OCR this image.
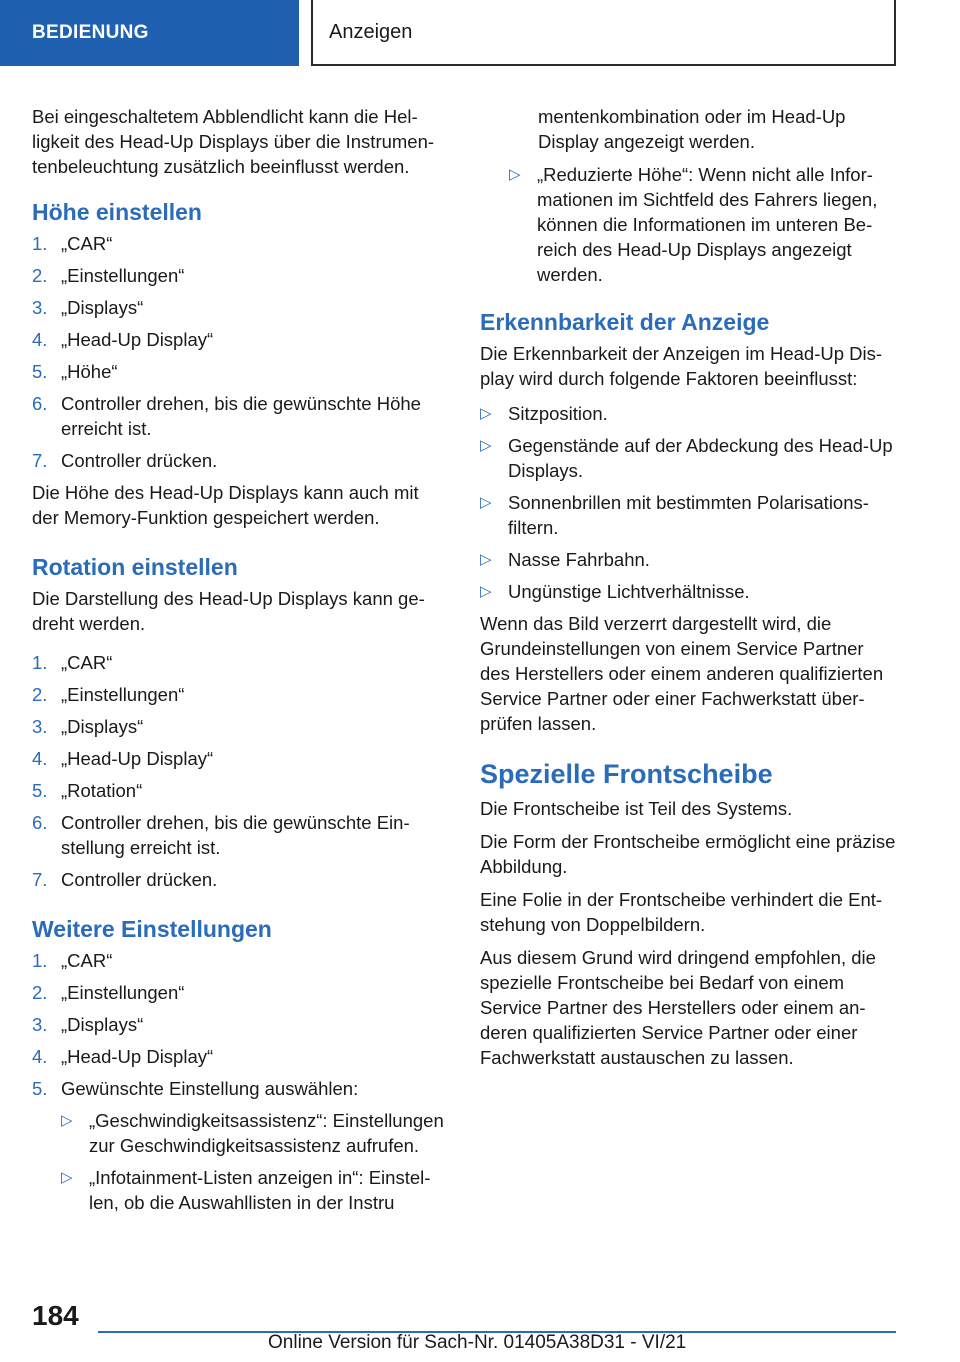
BEDIENUNG	Anzeigen

Bei eingeschaltetem Abblendlicht kann die Helligkeit des Head-Up Displays über die Instrumentenbeleuchtung zusätzlich beeinflusst werden.

Höhe einstellen
1. „CAR“
2. „Einstellungen“
3. „Displays“
4. „Head-Up Display“
5. „Höhe“
6. Controller drehen, bis die gewünschte Höhe erreicht ist.
7. Controller drücken.

Die Höhe des Head-Up Displays kann auch mit der Memory-Funktion gespeichert werden.

Rotation einstellen

Die Darstellung des Head-Up Displays kann gedreht werden.

1. „CAR“
2. „Einstellungen“
3. „Displays“
4. „Head-Up Display“
5. „Rotation“
6. Controller drehen, bis die gewünschte Einstellung erreicht ist.
7. Controller drücken.
Weitere Einstellungen
1. „CAR“
2. „Einstellungen“
3. „Displays“
4. „Head-Up Display“
5. Gewünschte Einstellung auswählen:
▷ „Geschwindigkeitsassistenz“: Einstellungen zur Geschwindigkeitsassistenz aufrufen.
▷ „Infotainment-Listen anzeigen in“: Einstellen, ob die Auswahllisten in der Instru

mentenkombination oder im Head-Up Display angezeigt werden.

▷ „Reduzierte Höhe“: Wenn nicht alle Informationen im Sichtfeld des Fahrers liegen, können die Informationen im unteren Bereich des Head-Up Displays angezeigt werden.
Erkennbarkeit der Anzeige

Die Erkennbarkeit der Anzeigen im Head-Up Display wird durch folgende Faktoren beeinflusst:

▷ Sitzposition.
▷ Gegenstände auf der Abdeckung des Head-Up Displays.
▷ Sonnenbrillen mit bestimmten Polarisationsfiltern.
▷ Nasse Fahrbahn.
▷ Ungünstige Lichtverhältnisse.

Wenn das Bild verzerrt dargestellt wird, die Grundeinstellungen von einem Service Partner des Herstellers oder einem anderen qualifizierten Service Partner oder einer Fachwerkstatt überprüfen lassen.

Spezielle Frontscheibe

Die Frontscheibe ist Teil des Systems.

Die Form der Frontscheibe ermöglicht eine präzise Abbildung.

Eine Folie in der Frontscheibe verhindert die Entstehung von Doppelbildern.

Aus diesem Grund wird dringend empfohlen, die spezielle Frontscheibe bei Bedarf von einem Service Partner des Herstellers oder einem anderen qualifizierten Service Partner oder einer Fachwerkstatt austauschen zu lassen.

184
Online Version für Sach-Nr. 01405A38D31 - VI/21
